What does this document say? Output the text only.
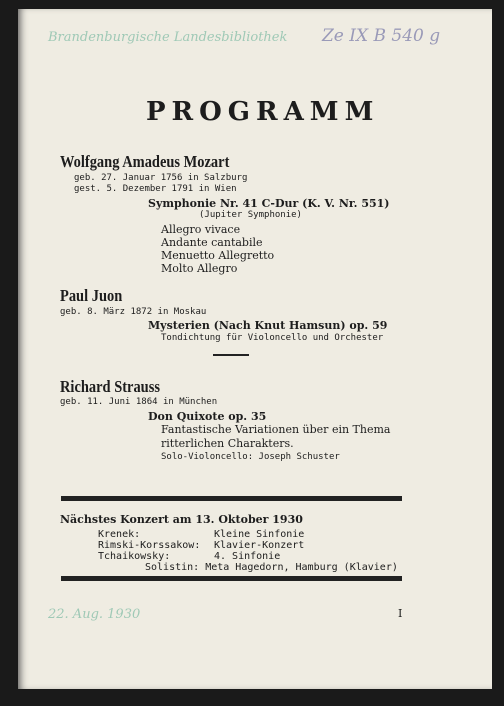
Brandenburgische Landesbibliothek Ze IX B 540 g
PROGRAMM
Wolfgang Amadeus Mozart
geb. 27. Januar 1756 in Salzburg
gest. 5. Dezember 1791 in Wien
Symphonie Nr. 41 C-Dur (K. V. Nr. 551)
(Jupiter Symphonie)
Allegro vivace
Andante cantabile
Menuetto Allegretto
Molto Allegro
Paul Juon
geb. 8. März 1872 in Moskau
Mysterien (Nach Knut Hamsun) op. 59
Tondichtung für Violoncello und Orchester
Richard Strauss
geb. 11. Juni 1864 in München
Don Quixote op. 35
Fantastische Variationen über ein Thema
ritterlichen Charakters.
Solo-Violoncello: Joseph Schuster
Nächstes Konzert am 13. Oktober 1930
Krenek:	Kleine Sinfonie
Rimski-Korssakow: Klavier-Konzert
Tchaikowsky:	4. Sinfonie
Solistin: Meta Hagedorn, Hamburg (Klavier)
22. Aug. 1930	I
